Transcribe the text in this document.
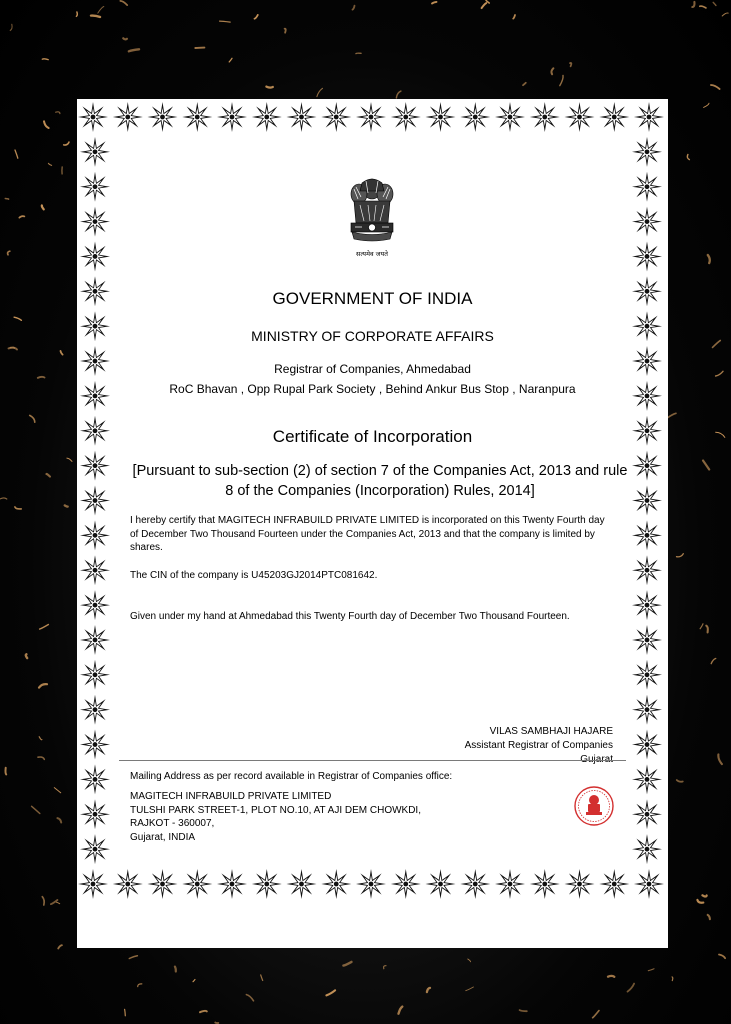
सत्यमेव जयते
GOVERNMENT OF INDIA
MINISTRY OF CORPORATE AFFAIRS
Registrar of Companies, Ahmedabad
RoC Bhavan , Opp Rupal Park Society , Behind Ankur Bus Stop , Naranpura
Certificate of Incorporation
[Pursuant to sub-section (2) of section 7 of the Companies Act, 2013 and rule 8 of the Companies (Incorporation) Rules, 2014]
I hereby certify that MAGITECH INFRABUILD PRIVATE LIMITED is incorporated on this Twenty Fourth day of December Two Thousand Fourteen under the Companies Act, 2013 and that the company is limited by shares.
The CIN of the company is U45203GJ2014PTC081642.
Given under my hand at Ahmedabad this Twenty Fourth day of December Two Thousand Fourteen.
VILAS SAMBHAJI HAJARE
Assistant Registrar of Companies
Gujarat
Mailing Address as per record available in Registrar of Companies office:
MAGITECH INFRABUILD PRIVATE LIMITED
TULSHI PARK STREET-1, PLOT NO.10, AT AJI DEM CHOWKDI,
RAJKOT - 360007,
Gujarat, INDIA
